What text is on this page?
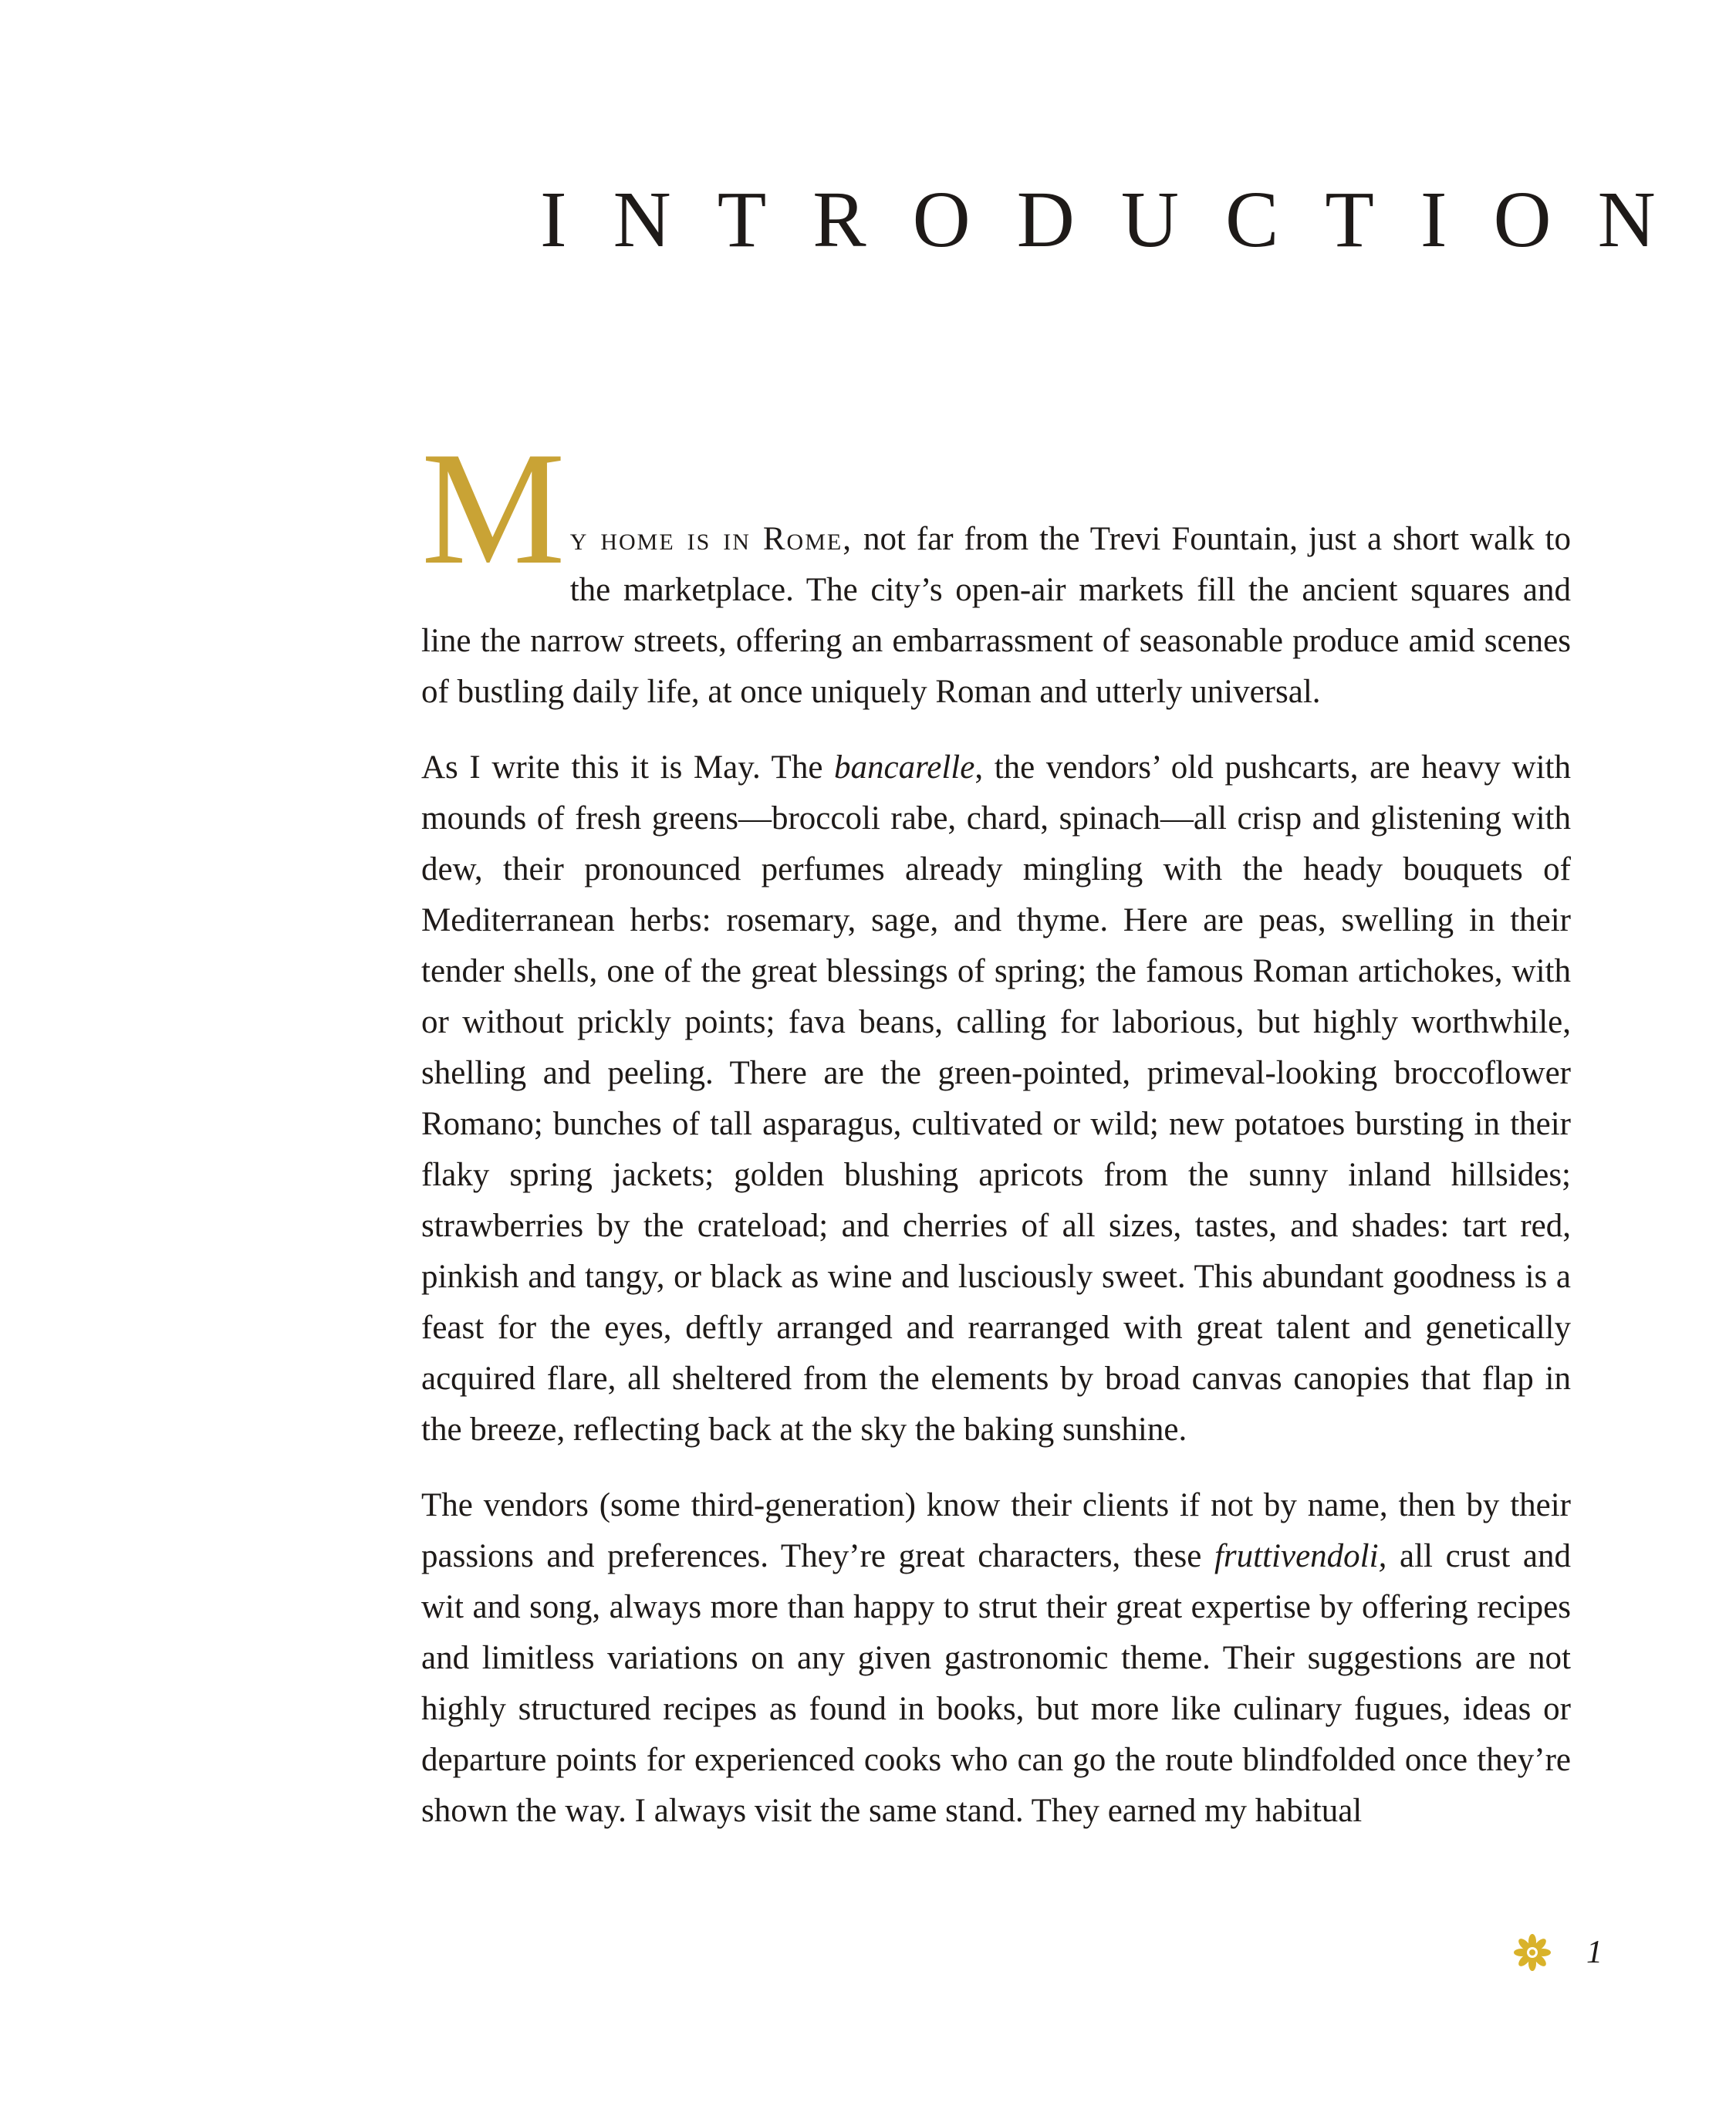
INTRODUCTION

M y home is in Rome, not far from the Trevi Fountain, just a short walk to the marketplace. The city’s open-air markets fill the ancient squares and line the narrow streets, offering an embarrassment of seasonable produce amid scenes of bustling daily life, at once uniquely Roman and utterly universal.

As I write this it is May. The bancarelle, the vendors’ old pushcarts, are heavy with mounds of fresh greens—broccoli rabe, chard, spinach—all crisp and glistening with dew, their pronounced perfumes already mingling with the heady bouquets of Mediterranean herbs: rosemary, sage, and thyme. Here are peas, swelling in their tender shells, one of the great blessings of spring; the famous Roman artichokes, with or without prickly points; fava beans, calling for laborious, but highly worthwhile, shelling and peeling. There are the green-pointed, primeval-looking broccoflower Romano; bunches of tall asparagus, cultivated or wild; new potatoes bursting in their flaky spring jackets; golden blushing apricots from the sunny inland hillsides; strawberries by the crateload; and cherries of all sizes, tastes, and shades: tart red, pinkish and tangy, or black as wine and lusciously sweet. This abundant goodness is a feast for the eyes, deftly arranged and rearranged with great talent and genetically acquired flare, all sheltered from the elements by broad canvas canopies that flap in the breeze, reflecting back at the sky the baking sunshine.

The vendors (some third-generation) know their clients if not by name, then by their passions and preferences. They’re great characters, these fruttivendoli, all crust and wit and song, always more than happy to strut their great expertise by offering recipes and limitless variations on any given gastronomic theme. Their suggestions are not highly structured recipes as found in books, but more like culinary fugues, ideas or departure points for experienced cooks who can go the route blindfolded once they’re shown the way. I always visit the same stand. They earned my habitual

1
